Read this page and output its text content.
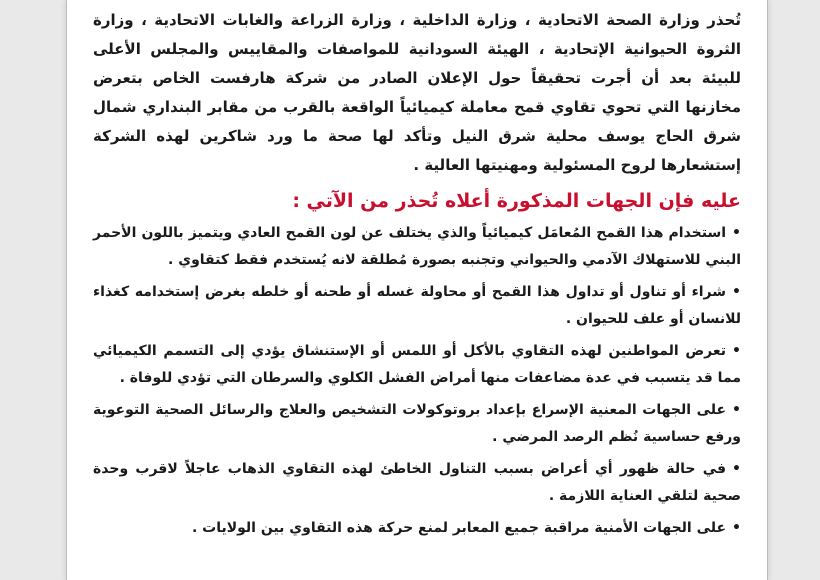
تُحذر وزارة الصحة الاتحادية ، وزارة الداخلية ، وزارة الزراعة والغابات الاتحادية ، وزارة الثروة الحيوانية الإتحادية ، الهيئة السودانية للمواصفات والمقاييس والمجلس الأعلى للبيئة بعد أن أجرت تحقيقاً حول الإعلان الصادر من شركة هارفست الخاص بتعرض مخازنها التي تحوي تقاوي قمح معاملة كيميائياً الواقعة بالقرب من مقابر البنداري شمال شرق الحاج يوسف محلية شرق النيل وتأكد لها صحة ما ورد شاكرين لهذه الشركة إستشعارها لروح المسئولية ومهنيتها العالية .

عليه فإن الجهات المذكورة أعلاه تُحذر من الآتي :

•استخدام هذا القمح المُعامَل كيميائياً والذي يختلف عن لون القمح العادي ويتميز باللون الأحمر البني للاستهلاك الآدمي والحيواني وتجنبه بصورة مُطلقة لانه يُستخدم فقط كتقاوي .
•شراء أو تناول أو تداول هذا القمح أو محاولة غسله أو طحنه أو خلطه بغرض إستخدامه كغذاء للانسان أو علف للحيوان .
•تعرض المواطنين لهذه التقاوي بالأكل أو اللمس أو الإستنشاق يؤدي إلى التسمم الكيميائي مما قد يتسبب في عدة مضاعفات منها أمراض الفشل الكلوي والسرطان التي تؤدي للوفاة .
•على الجهات المعنية الإسراع بإعداد بروتوكولات التشخيص والعلاج والرسائل الصحية التوعوية ورفع حساسية نُظم الرصد المرضي .
•في حالة ظهور أي أعراض بسبب التناول الخاطئ لهذه التقاوي الذهاب عاجلاً لاقرب وحدة صحية لتلقي العناية اللازمة .
•على الجهات الأمنية مراقبة جميع المعابر لمنع حركة هذه التقاوي بين الولايات .
